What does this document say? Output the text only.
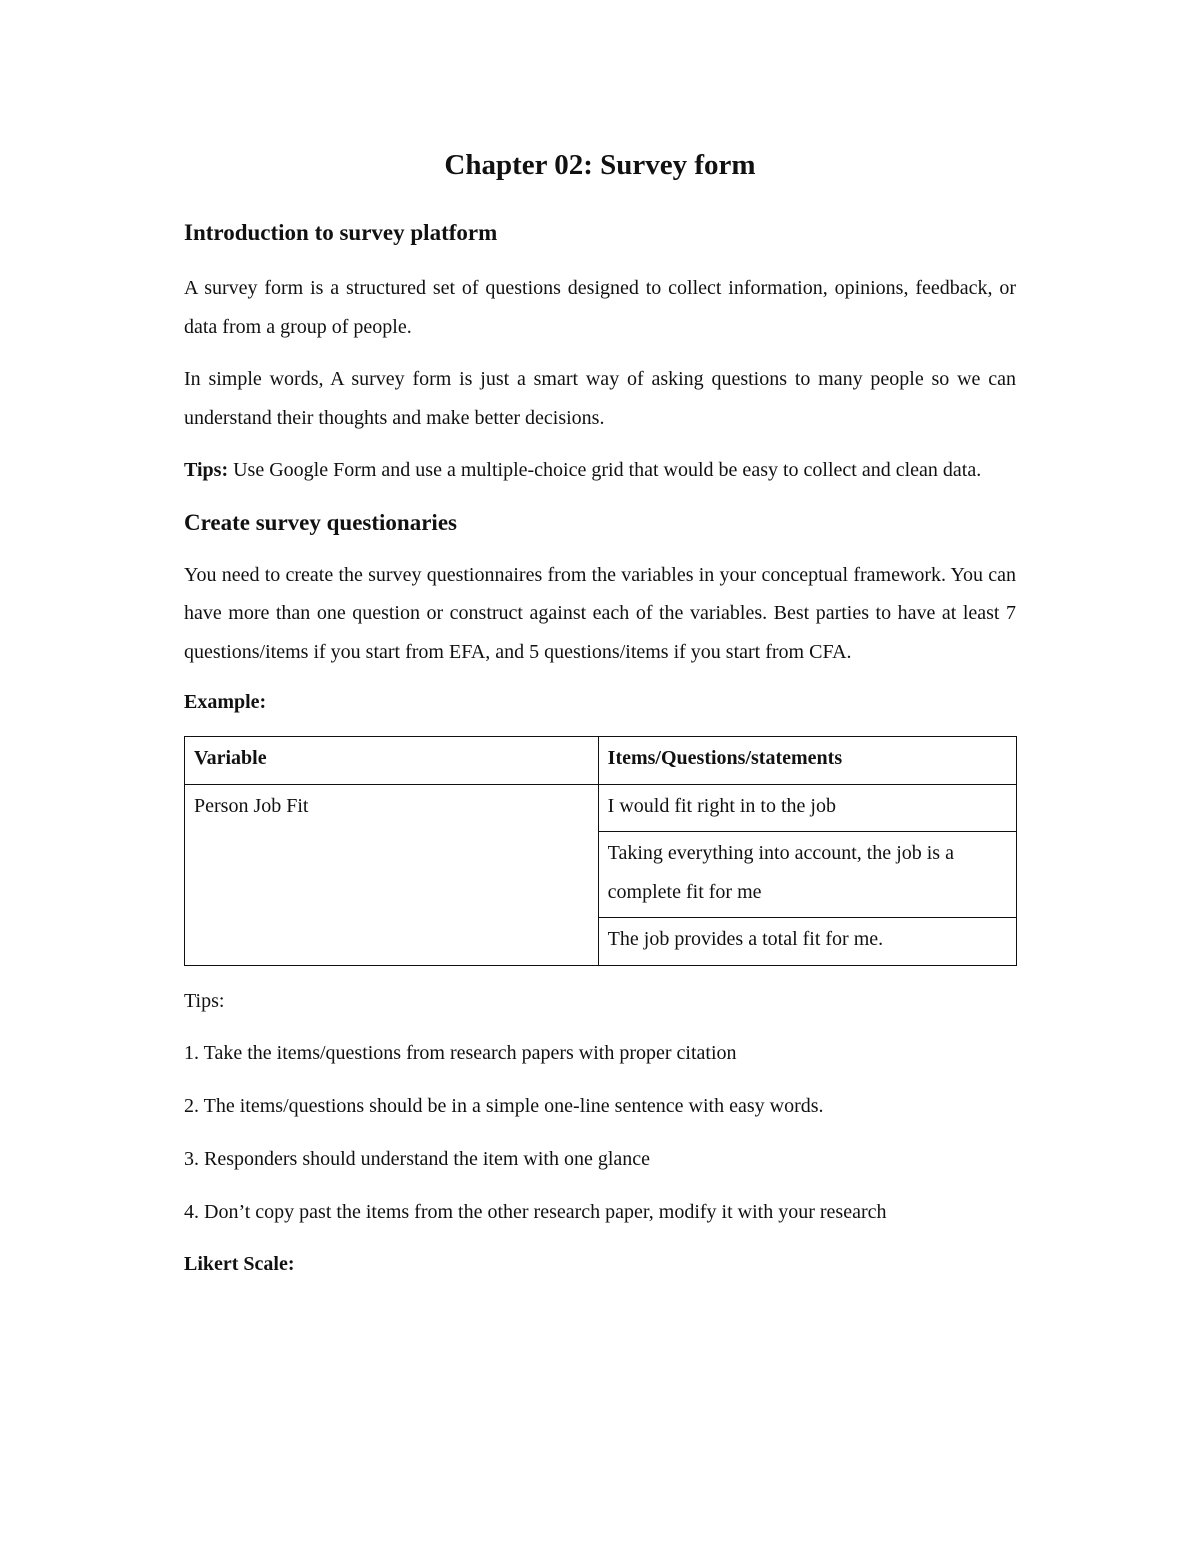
Chapter 02: Survey form
Introduction to survey platform

A survey form is a structured set of questions designed to collect information, opinions, feedback, or data from a group of people.

In simple words, A survey form is just a smart way of asking questions to many people so we can understand their thoughts and make better decisions.

Tips: Use Google Form and use a multiple-choice grid that would be easy to collect and clean data.

Create survey questionaries

You need to create the survey questionnaires from the variables in your conceptual framework. You can have more than one question or construct against each of the variables. Best parties to have at least 7 questions/items if you start from EFA, and 5 questions/items if you start from CFA.

Example:

Variable	Items/Questions/statements
Person Job Fit	I would fit right in to the job
	Taking everything into account, the job is a complete fit for me
	The job provides a total fit for me.

Tips:

1. Take the items/questions from research papers with proper citation

2. The items/questions should be in a simple one-line sentence with easy words.

3. Responders should understand the item with one glance

4. Don’t copy past the items from the other research paper, modify it with your research

Likert Scale:
